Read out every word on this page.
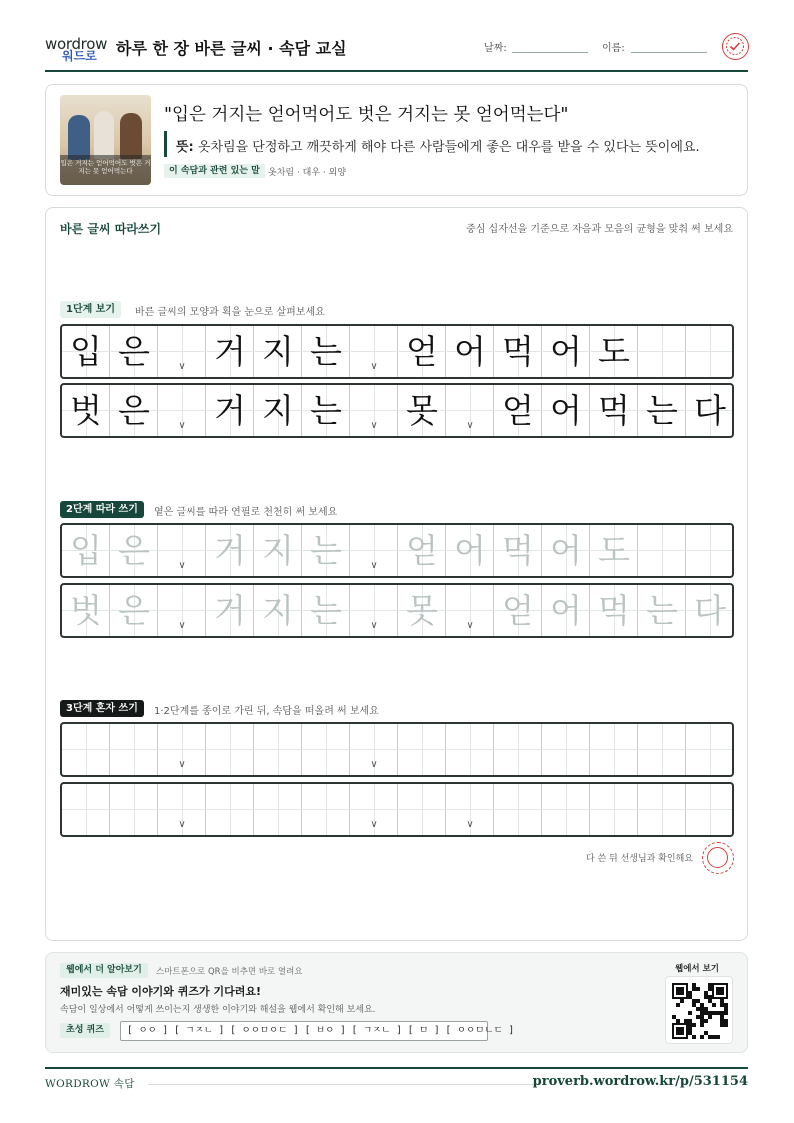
wordrow
워드로 하루 한 장 바른 글씨 · 속담 교실	날짜:	이름:
입은 거지는 얻어먹어도 벗은 거지는 못 얻어먹는다
"입은 거지는 얻어먹어도 벗은 거지는 못 얻어먹는다"
뜻: 옷차림을 단정하고 깨끗하게 해야 다른 사람들에게 좋은 대우를 받을 수 있다는 뜻이에요.
이 속담과 관련 있는 말 옷차림 · 대우 · 외양
바른 글씨 따라쓰기	중심 십자선을 기준으로 자음과 모음의 균형을 맞춰 써 보세요
1단계 보기	바른 글씨의 모양과 획을 눈으로 살펴보세요
2단계 따라 쓰기	옅은 글씨를 따라 연필로 천천히 써 보세요
3단계 혼자 쓰기	1·2단계를 종이로 가린 뒤, 속담을 떠올려 써 보세요
다 쓴 뒤 선생님과 확인해요
입 은	∨ 거 지 는	∨ 얻 어 먹 어 도
벗 은	∨ 거 지 는	∨ 못	∨ 얻 어 먹 는 다
입 은	∨ 거 지 는	∨ 얻 어 먹 어 도
벗 은	∨ 거 지 는	∨ 못	∨ 얻 어 먹 는 다
∨	∨
∨	∨	∨
웹에서 더 알아보기	스마트폰으로 QR을 비추면 바로 열려요
재미있는 속담 이야기와 퀴즈가 기다려요!
속담이 일상에서 어떻게 쓰이는지 생생한 이야기와 해설을 웹에서 확인해 보세요.
초성 퀴즈	[ ㅇㅇ ] [ ㄱㅈㄴ ] [ ㅇㅇㅁㅇㄷ ] [ ㅂㅇ ] [ ㄱㅈㄴ ] [ ㅁ ] [ ㅇㅇㅁㄴㄷ ]
웹에서 보기
WORDROW 속담	proverb.wordrow.kr/p/531154
